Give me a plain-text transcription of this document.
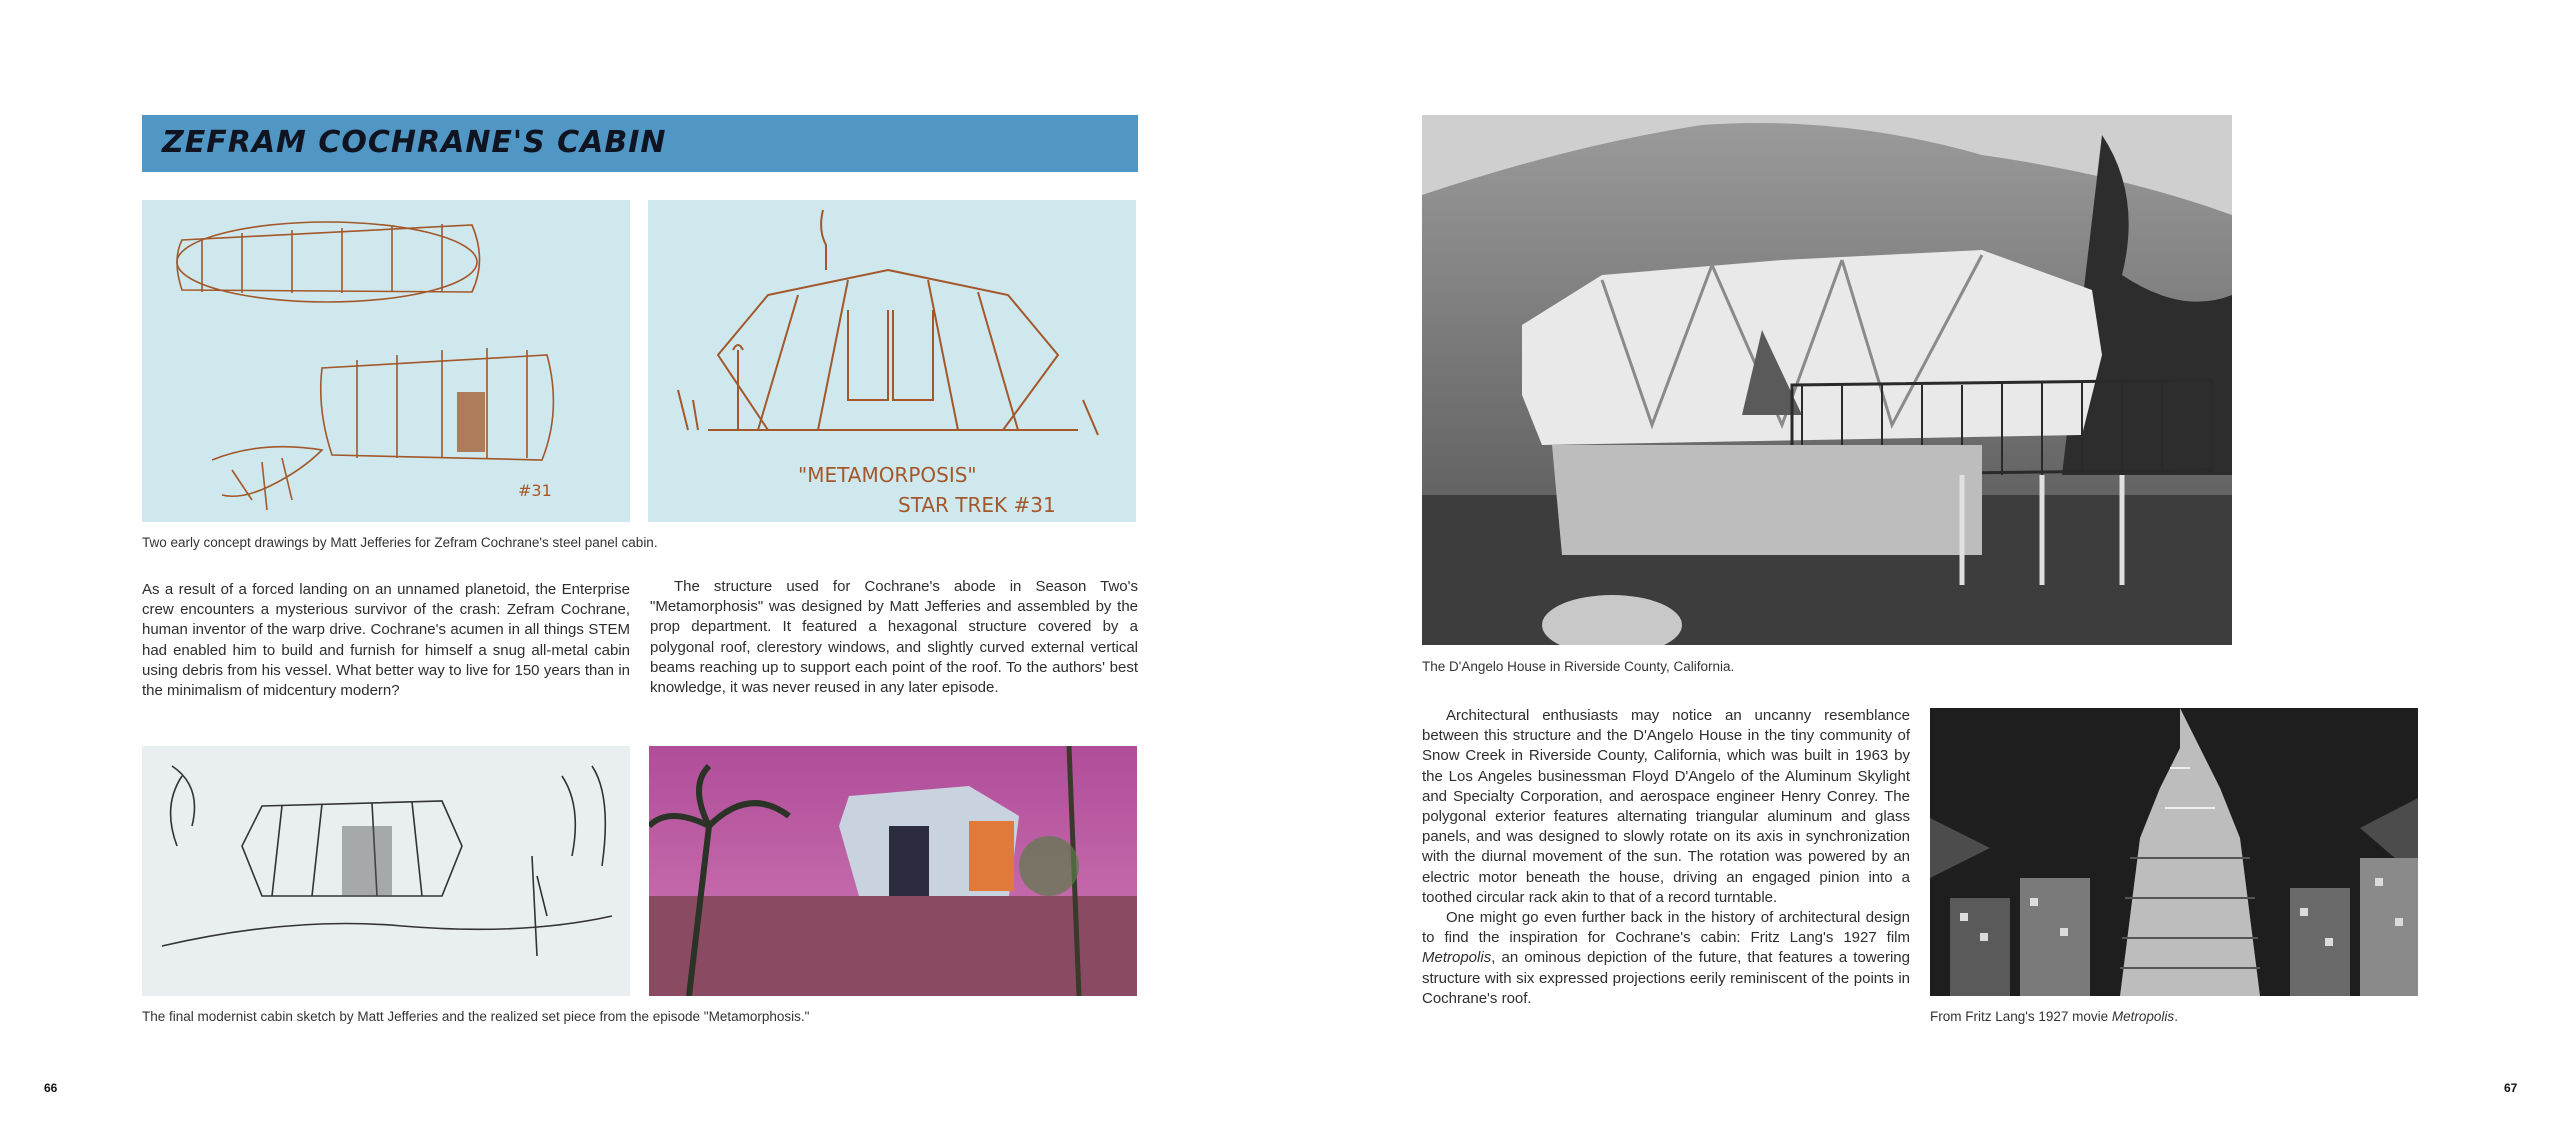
ZEFRAM COCHRANE'S CABIN
#31
"METAMORPOSIS"
STAR TREK #31
Two early concept drawings by Matt Jefferies for Zefram Cochrane's steel panel cabin.

As a result of a forced landing on an unnamed planetoid, the Enterprise crew encounters a mysterious survivor of the crash: Zefram Cochrane, human inventor of the warp drive. Cochrane's acumen in all things STEM had enabled him to build and furnish for himself a snug all-metal cabin using debris from his vessel. What better way to live for 150 years than in the minimalism of midcentury modern?

The structure used for Cochrane's abode in Season Two's "Metamorphosis" was designed by Matt Jefferies and assembled by the prop department. It featured a hexagonal structure covered by a polygonal roof, clerestory windows, and slightly curved external vertical beams reaching up to support each point of the roof. To the authors' best knowledge, it was never reused in any later episode.

The final modernist cabin sketch by Matt Jefferies and the realized set piece from the episode "Metamorphosis."
66
The D'Angelo House in Riverside County, California.

Architectural enthusiasts may notice an uncanny resemblance between this structure and the D'Angelo House in the tiny community of Snow Creek in Riverside County, California, which was built in 1963 by the Los Angeles businessman Floyd D'Angelo of the Aluminum Skylight and Specialty Corporation, and aerospace engineer Henry Conrey. The polygonal exterior features alternating triangular aluminum and glass panels, and was designed to slowly rotate on its axis in synchronization with the diurnal movement of the sun. The rotation was powered by an electric motor beneath the house, driving an engaged pinion into a toothed circular rack akin to that of a record turntable.

One might go even further back in the history of architectural design to find the inspiration for Cochrane's cabin: Fritz Lang's 1927 film Metropolis, an ominous depiction of the future, that features a towering structure with six expressed projections eerily reminiscent of the points in Cochrane's roof.

From Fritz Lang's 1927 movie Metropolis.
67
